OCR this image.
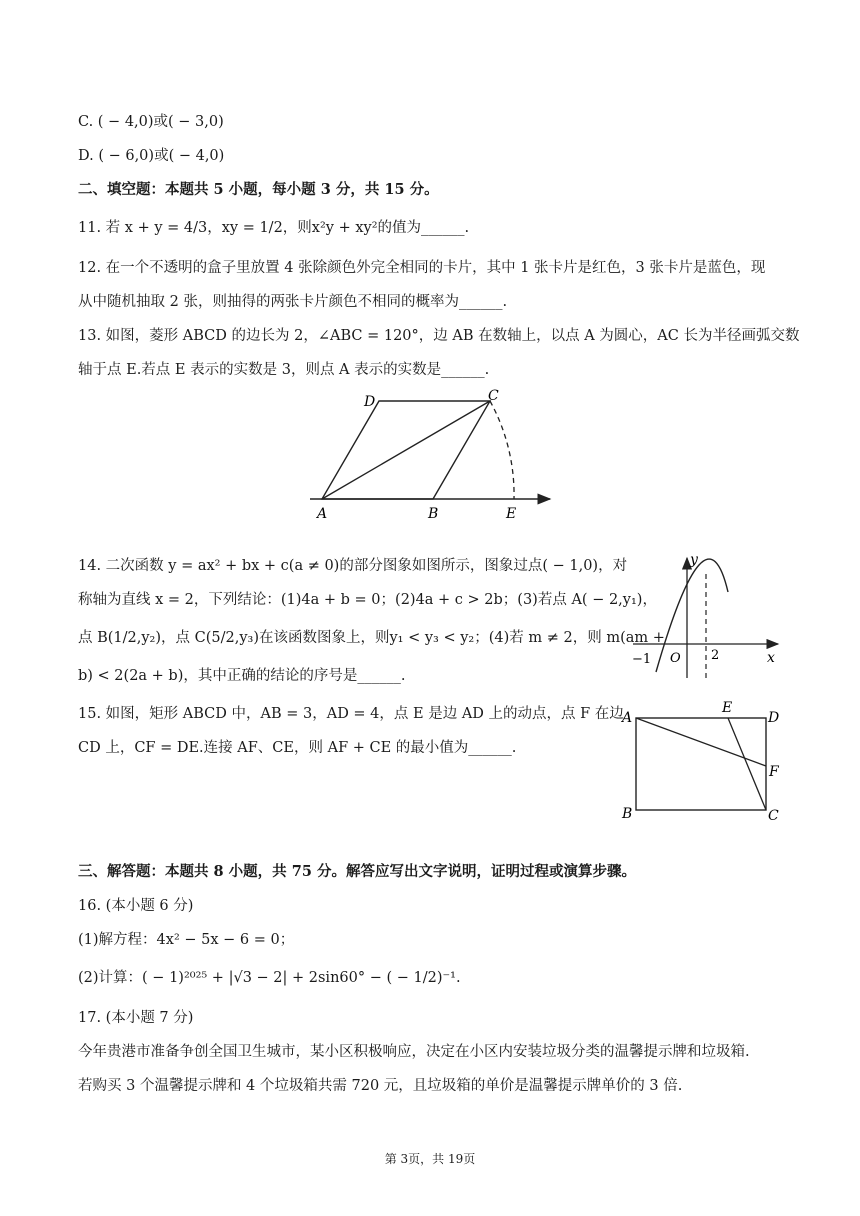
C. ( − 4,0)或( − 3,0)
D. ( − 6,0)或( − 4,0)
二、填空题：本题共 5 小题，每小题 3 分，共 15 分。
11. 若 x + y = 4/3，xy = 1/2，则x²y + xy²的值为______.
12. 在一个不透明的盒子里放置 4 张除颜色外完全相同的卡片，其中 1 张卡片是红色，3 张卡片是蓝色，现
从中随机抽取 2 张，则抽得的两张卡片颜色不相同的概率为______.
13. 如图，菱形 ABCD 的边长为 2，∠ABC = 120°，边 AB 在数轴上，以点 A 为圆心，AC 长为半径画弧交数
轴于点 E.若点 E 表示的实数是 3，则点 A 表示的实数是______.
A	B
C
D
E
14. 二次函数 y = ax² + bx + c(a ≠ 0)的部分图象如图所示，图象过点( − 1,0)，对
称轴为直线 x = 2，下列结论：(1)4a + b = 0；(2)4a + c > 2b；(3)若点 A( − 2,y₁)，
点 B(1/2,y₂)，点 C(5/2,y₃)在该函数图象上，则y₁ < y₃ < y₂；(4)若 m ≠ 2，则 m(am +
b) < 2(2a + b)，其中正确的结论的序号是______.
y
x
O
−1	2
15. 如图，矩形 ABCD 中，AB = 3，AD = 4，点 E 是边 AD 上的动点，点 F 在边
CD 上，CF = DE.连接 AF、CE，则 AF + CE 的最小值为______.
A
B	C
D
E
F
三、解答题：本题共 8 小题，共 75 分。解答应写出文字说明，证明过程或演算步骤。
16. (本小题 6 分)
(1)解方程：4x² − 5x − 6 = 0；
(2)计算：( − 1)²⁰²⁵ + |√3 − 2| + 2sin60° − ( − 1/2)⁻¹.
17. (本小题 7 分)
今年贵港市准备争创全国卫生城市，某小区积极响应，决定在小区内安装垃圾分类的温馨提示牌和垃圾箱.
若购买 3 个温馨提示牌和 4 个垃圾箱共需 720 元，且垃圾箱的单价是温馨提示牌单价的 3 倍.
第 3页，共 19页
